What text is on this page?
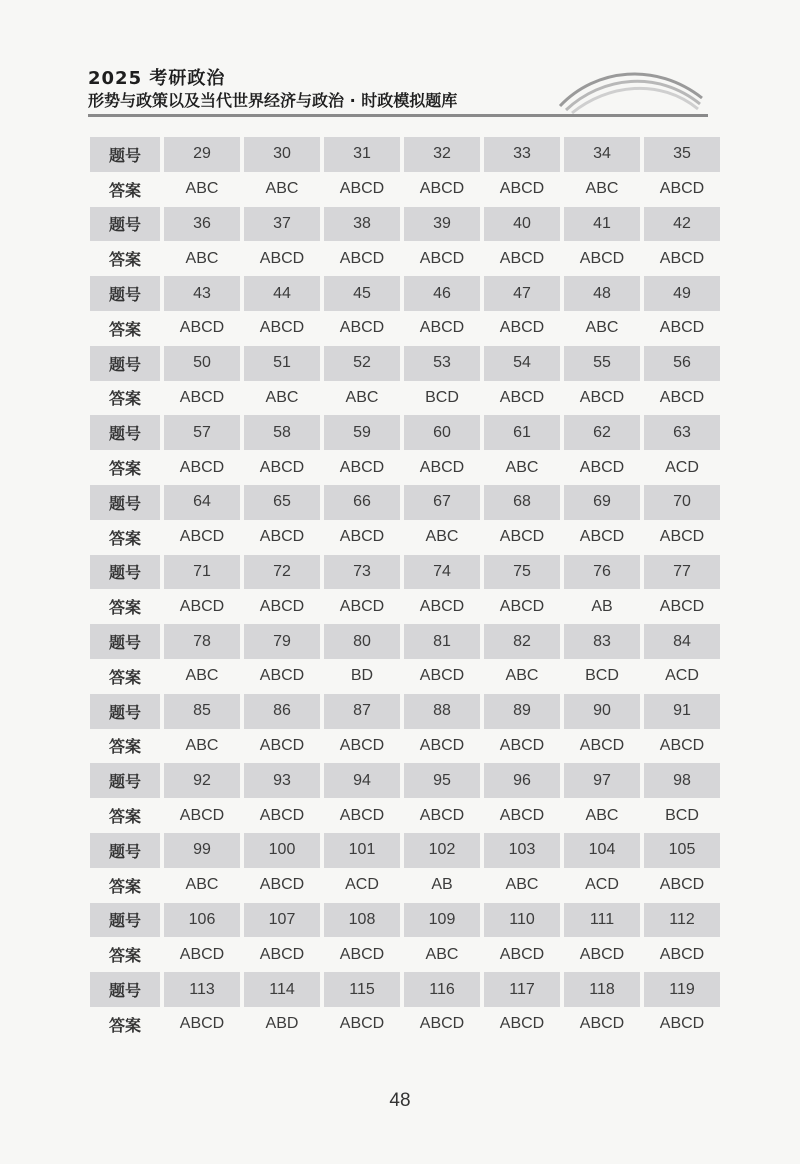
2025 考研政治
形势与政策以及当代世界经济与政治 · 时政模拟题库
题号	29	30	31	32	33	34	35
答案	ABC	ABC	ABCD	ABCD	ABCD	ABC	ABCD
题号	36	37	38	39	40	41	42
答案	ABC	ABCD	ABCD	ABCD	ABCD	ABCD	ABCD
题号	43	44	45	46	47	48	49
答案	ABCD	ABCD	ABCD	ABCD	ABCD	ABC	ABCD
题号	50	51	52	53	54	55	56
答案	ABCD	ABC	ABC	BCD	ABCD	ABCD	ABCD
题号	57	58	59	60	61	62	63
答案	ABCD	ABCD	ABCD	ABCD	ABC	ABCD	ACD
题号	64	65	66	67	68	69	70
答案	ABCD	ABCD	ABCD	ABC	ABCD	ABCD	ABCD
题号	71	72	73	74	75	76	77
答案	ABCD	ABCD	ABCD	ABCD	ABCD	AB	ABCD
题号	78	79	80	81	82	83	84
答案	ABC	ABCD	BD	ABCD	ABC	BCD	ACD
题号	85	86	87	88	89	90	91
答案	ABC	ABCD	ABCD	ABCD	ABCD	ABCD	ABCD
题号	92	93	94	95	96	97	98
答案	ABCD	ABCD	ABCD	ABCD	ABCD	ABC	BCD
题号	99	100	101	102	103	104	105
答案	ABC	ABCD	ACD	AB	ABC	ACD	ABCD
题号	106	107	108	109	110	111	112
答案	ABCD	ABCD	ABCD	ABC	ABCD	ABCD	ABCD
题号	113	114	115	116	117	118	119
答案	ABCD	ABD	ABCD	ABCD	ABCD	ABCD	ABCD
48
